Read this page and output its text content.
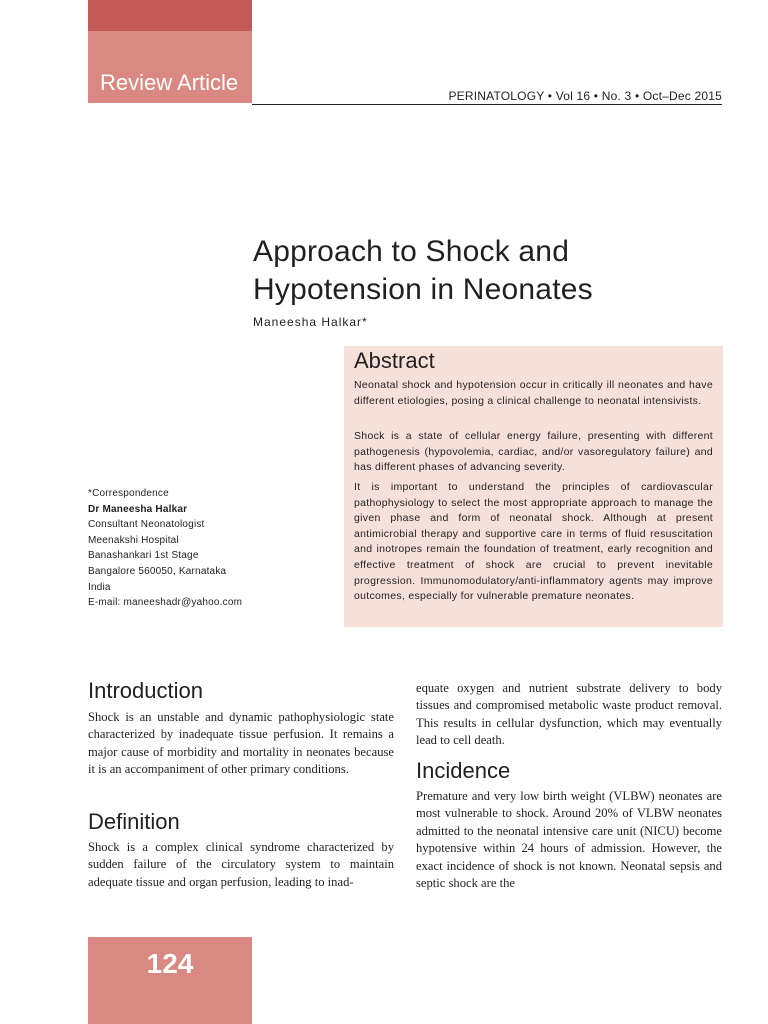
Review Article
PERINATOLOGY • Vol 16 • No. 3 • Oct–Dec 2015
Approach to Shock and
Hypotension in Neonates
Maneesha Halkar*
Abstract

Neonatal shock and hypotension occur in critically ill neonates and have different etiologies, posing a clinical challenge to neonatal intensivists.

Shock is a state of cellular energy failure, presenting with different pathogenesis (hypovolemia, cardiac, and/or vasoregulatory failure) and has different phases of advancing severity.

It is important to understand the principles of cardiovascular pathophysiology to select the most appropriate approach to manage the given phase and form of neonatal shock. Although at present antimicrobial therapy and supportive care in terms of fluid resuscitation and inotropes remain the foundation of treatment, early recognition and effective treatment of shock are crucial to prevent inevitable progression. Immunomodulatory/anti-inflammatory agents may improve outcomes, especially for vulnerable premature neonates.

*Correspondence
Dr Maneesha Halkar
Consultant Neonatologist
Meenakshi Hospital
Banashankari 1st Stage
Bangalore 560050, Karnataka
India
E-mail: maneeshadr@yahoo.com
Introduction

Shock is an unstable and dynamic pathophysiologic state characterized by inadequate tissue perfusion. It remains a major cause of morbidity and mortality in neonates because it is an accompaniment of other primary conditions.

Definition

Shock is a complex clinical syndrome characterized by sudden failure of the circulatory system to maintain adequate tissue and organ perfusion, leading to inad-

equate oxygen and nutrient substrate delivery to body tissues and compromised metabolic waste product removal. This results in cellular dysfunction, which may eventually lead to cell death.

Incidence

Premature and very low birth weight (VLBW) neonates are most vulnerable to shock. Around 20% of VLBW neonates admitted to the neonatal intensive care unit (NICU) become hypotensive within 24 hours of admission. However, the exact incidence of shock is not known. Neonatal sepsis and septic shock are the

124
